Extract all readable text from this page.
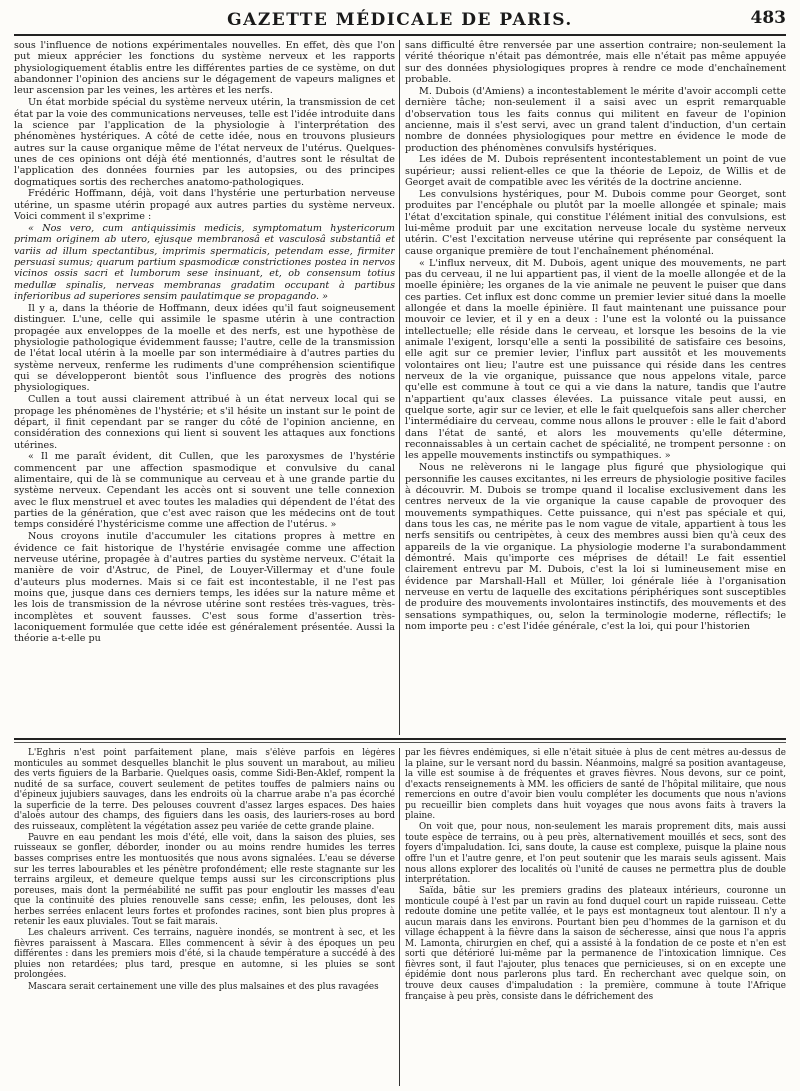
GAZETTE MÉDICALE DE PARIS.	483

sous l'influence de notions expérimentales nouvelles. En effet, dès que l'on put mieux apprécier les fonctions du système nerveux et les rapports physiologiquement établis entre les différentes parties de ce système, on dut abandonner l'opinion des anciens sur le dégagement de vapeurs malignes et leur ascension par les veines, les artères et les nerfs.

Un état morbide spécial du système nerveux utérin, la transmission de cet état par la voie des communications nerveuses, telle est l'idée introduite dans la science par l'application de la physiologie à l'interprétation des phénomènes hystériques. A côté de cette idée, nous en trouvons plusieurs autres sur la cause organique même de l'état nerveux de l'utérus. Quelques-unes de ces opinions ont déjà été mentionnés, d'autres sont le résultat de l'application des données fournies par les autopsies, ou des principes dogmatiques sortis des recherches anatomo-pathologiques.

Frédéric Hoffmann, déjà, voit dans l'hystérie une perturbation nerveuse utérine, un spasme utérin propagé aux autres parties du système nerveux. Voici comment il s'exprime :

« Nos vero, cum antiquissimis medicis, symptomatum hystericorum primam originem ab utero, ejusque membranosâ et vasculosâ substantiâ et variis ad illum spectantibus, imprimis spermaticis, petendam esse, firmiter persuasi sumus; quarum partium spasmodicæ constrictiones postea in nervos vicinos ossis sacri et lumborum sese insinuant, et, ob consensum totius medullæ spinalis, nerveas membranas gradatim occupant à partibus inferioribus ad superiores sensim paulatimque se propagando. »

Il y a, dans la théorie de Hoffmann, deux idées qu'il faut soigneusement distinguer. L'une, celle qui assimile le spasme utérin à une contraction propagée aux enveloppes de la moelle et des nerfs, est une hypothèse de physiologie pathologique évidemment fausse; l'autre, celle de la transmission de l'état local utérin à la moelle par son intermédiaire à d'autres parties du système nerveux, renferme les rudiments d'une compréhension scientifique qui se développeront bientôt sous l'influence des progrès des notions physiologiques.

Cullen a tout aussi clairement attribué à un état nerveux local qui se propage les phénomènes de l'hystérie; et s'il hésite un instant sur le point de départ, il finit cependant par se ranger du côté de l'opinion ancienne, en considération des connexions qui lient si souvent les attaques aux fonctions utérines.

« Il me paraît évident, dit Cullen, que les paroxysmes de l'hystérie commencent par une affection spasmodique et convulsive du canal alimentaire, qui de là se communique au cerveau et à une grande partie du système nerveux. Cependant les accès ont si souvent une telle connexion avec le flux menstruel et avec toutes les maladies qui dépendent de l'état des parties de la génération, que c'est avec raison que les médecins ont de tout temps considéré l'hystéricisme comme une affection de l'utérus. »

Nous croyons inutile d'accumuler les citations propres à mettre en évidence ce fait historique de l'hystérie envisagée comme une affection nerveuse utérine, propagée à d'autres parties du système nerveux. C'était la manière de voir d'Astruc, de Pinel, de Louyer-Villermay et d'une foule d'auteurs plus modernes. Mais si ce fait est incontestable, il ne l'est pas moins que, jusque dans ces derniers temps, les idées sur la nature même et les lois de transmission de la névrose utérine sont restées très-vagues, très-incomplètes et souvent fausses. C'est sous forme d'assertion très-laconiquement formulée que cette idée est généralement présentée. Aussi la théorie a-t-elle pu

sans difficulté être renversée par une assertion contraire; non-seulement la vérité théorique n'était pas démontrée, mais elle n'était pas même appuyée sur des données physiologiques propres à rendre ce mode d'enchaînement probable.

M. Dubois (d'Amiens) a incontestablement le mérite d'avoir accompli cette dernière tâche; non-seulement il a saisi avec un esprit remarquable d'observation tous les faits connus qui militent en faveur de l'opinion ancienne, mais il s'est servi, avec un grand talent d'induction, d'un certain nombre de données physiologiques pour mettre en évidence le mode de production des phénomènes convulsifs hystériques.

Les idées de M. Dubois représentent incontestablement un point de vue supérieur; aussi relient-elles ce que la théorie de Lepoiz, de Willis et de Georget avait de compatible avec les vérités de la doctrine ancienne.

Les convulsions hystériques, pour M. Dubois comme pour Georget, sont produites par l'encéphale ou plutôt par la moelle allongée et spinale; mais l'état d'excitation spinale, qui constitue l'élément initial des convulsions, est lui-même produit par une excitation nerveuse locale du système nerveux utérin. C'est l'excitation nerveuse utérine qui représente par conséquent la cause organique première de tout l'enchaînement phénoménal.

« L'influx nerveux, dit M. Dubois, agent unique des mouvements, ne part pas du cerveau, il ne lui appartient pas, il vient de la moelle allongée et de la moelle épinière; les organes de la vie animale ne peuvent le puiser que dans ces parties. Cet influx est donc comme un premier levier situé dans la moelle allongée et dans la moelle épinière. Il faut maintenant une puissance pour mouvoir ce levier, et il y en a deux : l'une est la volonté ou la puissance intellectuelle; elle réside dans le cerveau, et lorsque les besoins de la vie animale l'exigent, lorsqu'elle a senti la possibilité de satisfaire ces besoins, elle agit sur ce premier levier, l'influx part aussitôt et les mouvements volontaires ont lieu; l'autre est une puissance qui réside dans les centres nerveux de la vie organique, puissance que nous appelons vitale, parce qu'elle est commune à tout ce qui a vie dans la nature, tandis que l'autre n'appartient qu'aux classes élevées. La puissance vitale peut aussi, en quelque sorte, agir sur ce levier, et elle le fait quelquefois sans aller chercher l'intermédiaire du cerveau, comme nous allons le prouver : elle le fait d'abord dans l'état de santé, et alors les mouvements qu'elle détermine, reconnaissables à un certain cachet de spécialité, ne trompent personne : on les appelle mouvements instinctifs ou sympathiques. »

Nous ne relèverons ni le langage plus figuré que physiologique qui personnifie les causes excitantes, ni les erreurs de physiologie positive faciles à découvrir. M. Dubois se trompe quand il localise exclusivement dans les centres nerveux de la vie organique la cause capable de provoquer des mouvements sympathiques. Cette puissance, qui n'est pas spéciale et qui, dans tous les cas, ne mérite pas le nom vague de vitale, appartient à tous les nerfs sensitifs ou centripètes, à ceux des membres aussi bien qu'à ceux des appareils de la vie organique. La physiologie moderne l'a surabondamment démontré. Mais qu'importe ces méprises de détail! Le fait essentiel clairement entrevu par M. Dubois, c'est la loi si lumineusement mise en évidence par Marshall-Hall et Müller, loi générale liée à l'organisation nerveuse en vertu de laquelle des excitations périphériques sont susceptibles de produire des mouvements involontaires instinctifs, des mouvements et des sensations sympathiques, ou, selon la terminologie moderne, réflectifs; le nom importe peu : c'est l'idée générale, c'est la loi, qui pour l'historien

L'Eghris n'est point parfaitement plane, mais s'élève parfois en légères monticules au sommet desquelles blanchit le plus souvent un marabout, au milieu des verts figuiers de la Barbarie. Quelques oasis, comme Sidi-Ben-Aklef, rompent la nudité de sa surface, couvert seulement de petites touffes de palmiers nains ou d'épineux jujubiers sauvages, dans les endroits où la charrue arabe n'a pas écorché la superficie de la terre. Des pelouses couvrent d'assez larges espaces. Des haies d'aloès autour des champs, des figuiers dans les oasis, des lauriers-roses au bord des ruisseaux, complètent la végétation assez peu variée de cette grande plaine.

Pauvre en eau pendant les mois d'été, elle voit, dans la saison des pluies, ses ruisseaux se gonfler, déborder, inonder ou au moins rendre humides les terres basses comprises entre les montuosités que nous avons signalées. L'eau se déverse sur les terres labourables et les pénètre profondément; elle reste stagnante sur les terrains argileux, et demeure quelque temps aussi sur les circonscriptions plus poreuses, mais dont la perméabilité ne suffit pas pour engloutir les masses d'eau que la continuité des pluies renouvelle sans cesse; enfin, les pelouses, dont les herbes serrées enlacent leurs fortes et profondes racines, sont bien plus propres à retenir les eaux pluviales. Tout se fait marais.

Les chaleurs arrivent. Ces terrains, naguère inondés, se montrent à sec, et les fièvres paraissent à Mascara. Elles commencent à sévir à des époques un peu différentes : dans les premiers mois d'été, si la chaude température a succédé à des pluies non retardées; plus tard, presque en automne, si les pluies se sont prolongées.

Mascara serait certainement une ville des plus malsaines et des plus ravagées

par les fièvres endémiques, si elle n'était située à plus de cent mètres au-dessus de la plaine, sur le versant nord du bassin. Néanmoins, malgré sa position avantageuse, la ville est soumise à de fréquentes et graves fièvres. Nous devons, sur ce point, d'exacts renseignements à MM. les officiers de santé de l'hôpital militaire, que nous remercions en outre d'avoir bien voulu compléter les documents que nous n'avions pu recueillir bien complets dans huit voyages que nous avons faits à travers la plaine.

On voit que, pour nous, non-seulement les marais proprement dits, mais aussi toute espèce de terrains, ou à peu près, alternativement mouillés et secs, sont des foyers d'impaludation. Ici, sans doute, la cause est complexe, puisque la plaine nous offre l'un et l'autre genre, et l'on peut soutenir que les marais seuls agissent. Mais nous allons explorer des localités où l'unité de causes ne permettra plus de double interprétation.

Saïda, bâtie sur les premiers gradins des plateaux intérieurs, couronne un monticule coupé à l'est par un ravin au fond duquel court un rapide ruisseau. Cette redoute domine une petite vallée, et le pays est montagneux tout alentour. Il n'y a aucun marais dans les environs. Pourtant bien peu d'hommes de la garnison et du village échappent à la fièvre dans la saison de sécheresse, ainsi que nous l'a appris M. Lamonta, chirurgien en chef, qui a assisté à la fondation de ce poste et n'en est sorti que détérioré lui-même par la permanence de l'intoxication limnique. Ces fièvres sont, il faut l'ajouter, plus tenaces que pernicieuses, si on en excepte une épidémie dont nous parlerons plus tard. En recherchant avec quelque soin, on trouve deux causes d'impaludation : la première, commune à toute l'Afrique française à peu près, consiste dans le défrichement des
